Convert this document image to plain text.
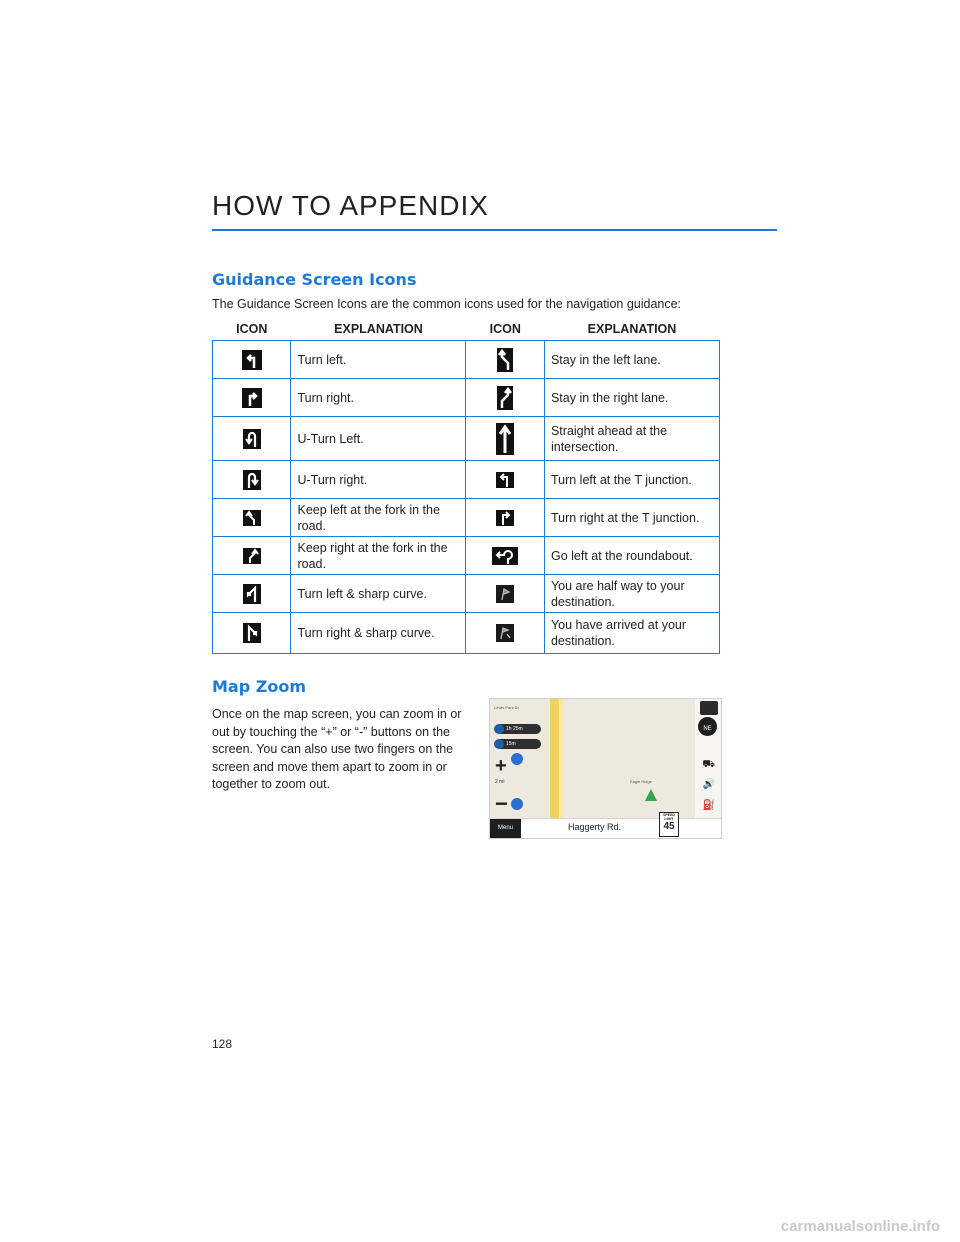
HOW TO APPENDIX
Guidance Screen Icons
The Guidance Screen Icons are the common icons used for the navigation guidance:
ICON	EXPLANATION	ICON	EXPLANATION

	Turn left.		Stay in the left lane.

	Turn right.		Stay in the right lane.

	U-Turn Left.		Straight ahead at the intersection.

	U-Turn right.		Turn left at the T junction.

	Keep left at the fork in the road.		Turn right at the T junction.

	Keep right at the fork in the road.		Go left at the roundabout.

	Turn left & sharp curve.		You are half way to your destination.

	Turn right & sharp curve.		You have arrived at your destination.
Map Zoom
Once on the map screen, you can zoom in or out by touching the “+” or “-” buttons on the screen. You can also use two fingers on the screen and move them apart to zoom in or together to zoom out.
Lewis Park Dr
Eagle Ridge
1h 25m
15m
+
2 mi
−
NE
⛟
🔊
⛽
Menu	Haggerty Rd.
SPEED LIMIT
45
128
carmanualsonline.info
